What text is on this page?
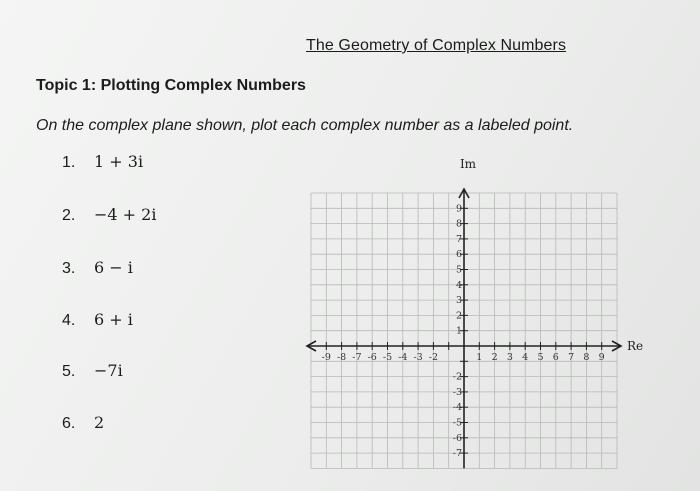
The Geometry of Complex Numbers
Topic 1: Plotting Complex Numbers
On the complex plane shown, plot each complex number as a labeled point.
1. 1 + 3i
2. −4 + 2i
3. 6 − i
4. 6 + i
5. −7i
6. 2
-9 -8 -7 -6 -5 -4 -3 -2	1 2 3 4 5 6 7 8 9
9
8
7
6
5
4
3
2
1
-2
-3
-4
-5
-6
-7
Im
Re
